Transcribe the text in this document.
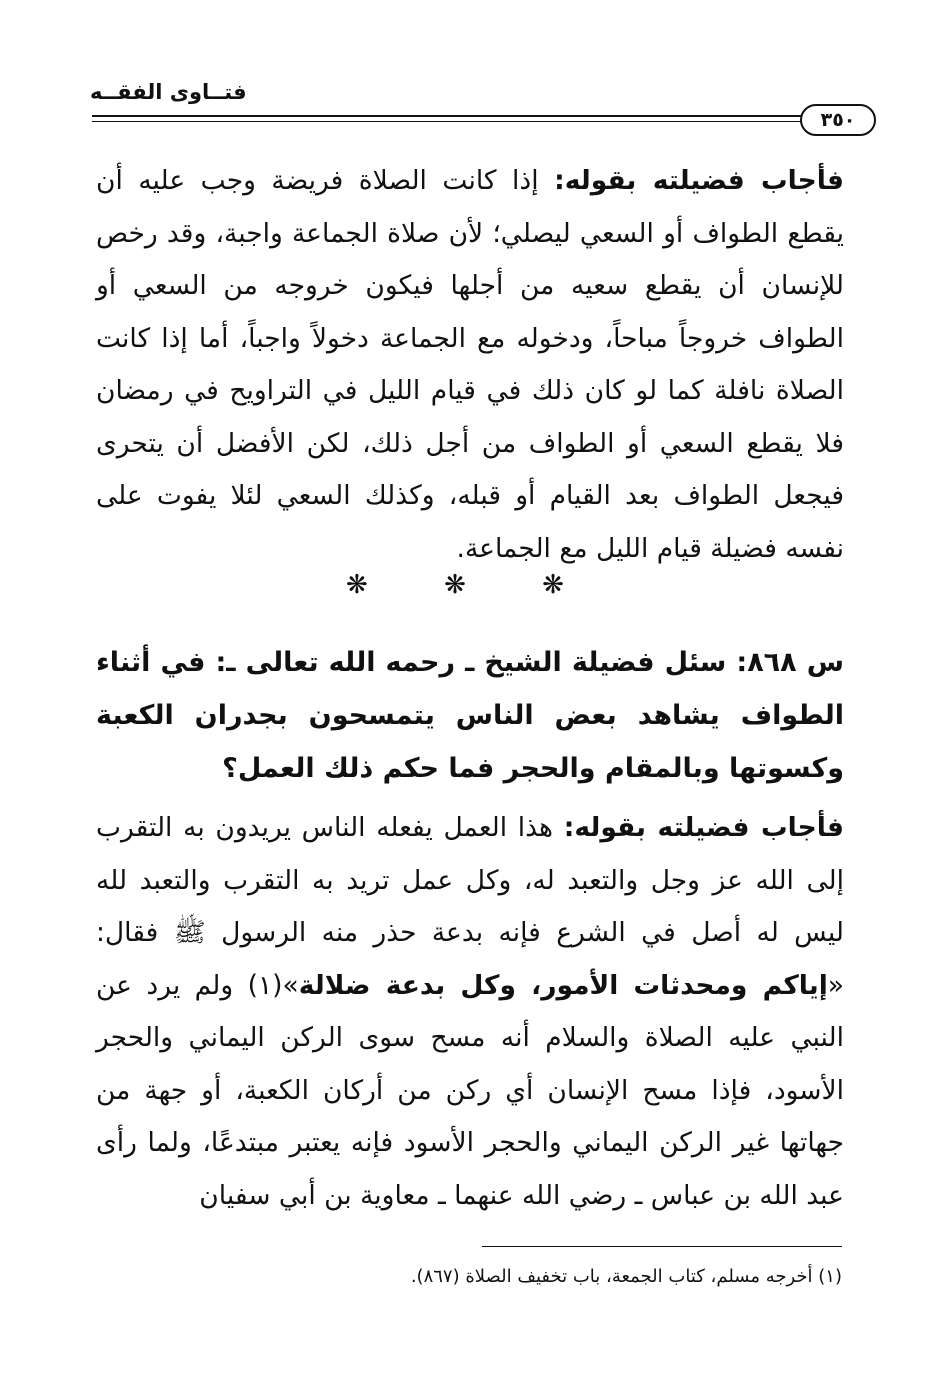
فتــاوى الفقــه
٣٥٠

فأجاب فضيلته بقوله: إذا كانت الصلاة فريضة وجب عليه أن يقطع الطواف أو السعي ليصلي؛ لأن صلاة الجماعة واجبة، وقد رخص للإنسان أن يقطع سعيه من أجلها فيكون خروجه من السعي أو الطواف خروجاً مباحاً، ودخوله مع الجماعة دخولاً واجباً، أما إذا كانت الصلاة نافلة كما لو كان ذلك في قيام الليل في التراويح في رمضان فلا يقطع السعي أو الطواف من أجل ذلك، لكن الأفضل أن يتحرى فيجعل الطواف بعد القيام أو قبله، وكذلك السعي لئلا يفوت على نفسه فضيلة قيام الليل مع الجماعة.

❋ ❋ ❋

س ٨٦٨: سئل فضيلة الشيخ ـ رحمه الله تعالى ـ: في أثناء الطواف يشاهد بعض الناس يتمسحون بجدران الكعبة وكسوتها وبالمقام والحجر فما حكم ذلك العمل؟

فأجاب فضيلته بقوله: هذا العمل يفعله الناس يريدون به التقرب إلى الله عز وجل والتعبد له، وكل عمل تريد به التقرب والتعبد لله ليس له أصل في الشرع فإنه بدعة حذر منه الرسول ﷺ فقال: «إياكم ومحدثات الأمور، وكل بدعة ضلالة»(١) ولم يرد عن النبي عليه الصلاة والسلام أنه مسح سوى الركن اليماني والحجر الأسود، فإذا مسح الإنسان أي ركن من أركان الكعبة، أو جهة من جهاتها غير الركن اليماني والحجر الأسود فإنه يعتبر مبتدعًا، ولما رأى عبد الله بن عباس ـ رضي الله عنهما ـ معاوية بن أبي سفيان

(١) أخرجه مسلم، كتاب الجمعة، باب تخفيف الصلاة (٨٦٧).
